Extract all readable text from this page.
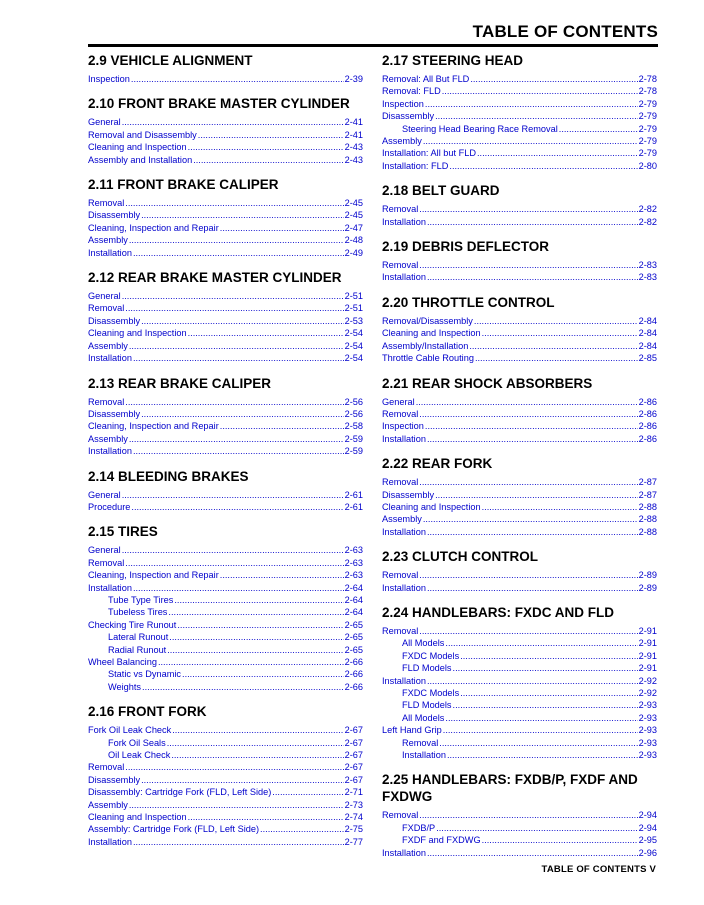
TABLE OF CONTENTS
2.9 VEHICLE ALIGNMENT
Inspection .....	2-39
2.10 FRONT BRAKE MASTER CYLINDER
General .....	2-41
Removal and Disassembly .....	2-41
Cleaning and Inspection .....	2-43
Assembly and Installation .....	2-43
2.11 FRONT BRAKE CALIPER
Removal .....	2-45
Disassembly .....	2-45
Cleaning, Inspection and Repair .....	2-47
Assembly .....	2-48
Installation .....	2-49
2.12 REAR BRAKE MASTER CYLINDER
General .....	2-51
Removal .....	2-51
Disassembly .....	2-53
Cleaning and Inspection .....	2-54
Assembly .....	2-54
Installation .....	2-54
2.13 REAR BRAKE CALIPER
Removal .....	2-56
Disassembly .....	2-56
Cleaning, Inspection and Repair .....	2-58
Assembly .....	2-59
Installation .....	2-59
2.14 BLEEDING BRAKES
General .....	2-61
Procedure .....	2-61
2.15 TIRES
General .....	2-63
Removal .....	2-63
Cleaning, Inspection and Repair .....	2-63
Installation .....	2-64
Tube Type Tires .....	2-64
Tubeless Tires .....	2-64
Checking Tire Runout .....	2-65
Lateral Runout .....	2-65
Radial Runout .....	2-65
Wheel Balancing .....	2-66
Static vs Dynamic .....	2-66
Weights .....	2-66
2.16 FRONT FORK
Fork Oil Leak Check .....	2-67
Fork Oil Seals .....	2-67
Oil Leak Check .....	2-67
Removal .....	2-67
Disassembly .....	2-67
Disassembly: Cartridge Fork (FLD, Left Side) .....	2-71
Assembly .....	2-73
Cleaning and Inspection .....	2-74
Assembly: Cartridge Fork (FLD, Left Side) .....	2-75
Installation .....	2-77
2.17 STEERING HEAD
Removal: All But FLD .....	2-78
Removal: FLD .....	2-78
Inspection .....	2-79
Disassembly .....	2-79
Steering Head Bearing Race Removal .....	2-79
Assembly .....	2-79
Installation: All but FLD .....	2-79
Installation: FLD .....	2-80
2.18 BELT GUARD
Removal .....	2-82
Installation .....	2-82
2.19 DEBRIS DEFLECTOR
Removal .....	2-83
Installation .....	2-83
2.20 THROTTLE CONTROL
Removal/Disassembly .....	2-84
Cleaning and Inspection .....	2-84
Assembly/Installation .....	2-84
Throttle Cable Routing .....	2-85
2.21 REAR SHOCK ABSORBERS
General .....	2-86
Removal .....	2-86
Inspection .....	2-86
Installation .....	2-86
2.22 REAR FORK
Removal .....	2-87
Disassembly .....	2-87
Cleaning and Inspection .....	2-88
Assembly .....	2-88
Installation .....	2-88
2.23 CLUTCH CONTROL
Removal .....	2-89
Installation .....	2-89
2.24 HANDLEBARS: FXDC AND FLD
Removal .....	2-91
All Models .....	2-91
FXDC Models .....	2-91
FLD Models .....	2-91
Installation .....	2-92
FXDC Models .....	2-92
FLD Models .....	2-93
All Models .....	2-93
Left Hand Grip .....	2-93
Removal .....	2-93
Installation .....	2-93
2.25 HANDLEBARS: FXDB/P, FXDF AND FXDWG
Removal .....	2-94
FXDB/P .....	2-94
FXDF and FXDWG .....	2-95
Installation .....	2-96
TABLE OF CONTENTS V
